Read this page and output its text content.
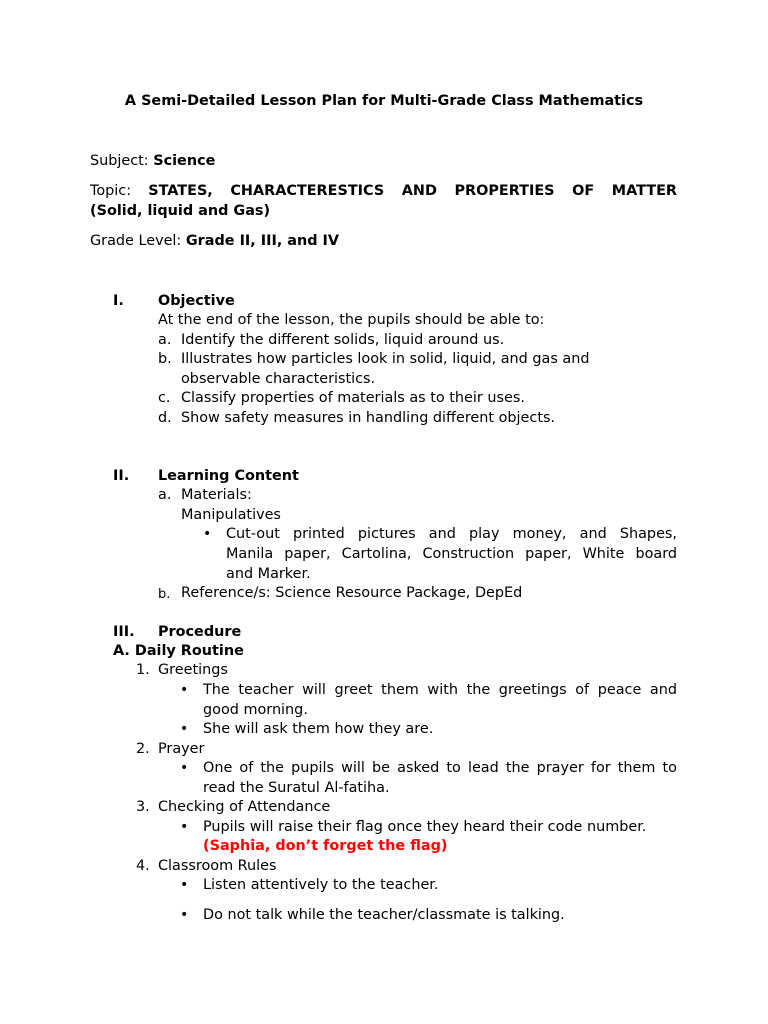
A Semi-Detailed Lesson Plan for Multi-Grade Class Mathematics
Subject: Science
Topic: STATES, CHARACTERESTICS AND PROPERTIES OF MATTER
(Solid, liquid and Gas)
Grade Level: Grade II, III, and IV
I. Objective
At the end of the lesson, the pupils should be able to:
a. Identify the different solids, liquid around us.
b. Illustrates how particles look in solid, liquid, and gas and
observable characteristics.
c. Classify properties of materials as to their uses.
d. Show safety measures in handling different objects.
II. Learning Content
a. Materials:
Manipulatives
• Cut-out printed pictures and play money, and Shapes,
Manila paper, Cartolina, Construction paper, White board
and Marker.
b. Reference/s: Science Resource Package, DepEd
III. Procedure
A. Daily Routine
1. Greetings
• The teacher will greet them with the greetings of peace and
good morning.
• She will ask them how they are.
2. Prayer
• One of the pupils will be asked to lead the prayer for them to
read the Suratul Al-fatiha.
3. Checking of Attendance
• Pupils will raise their flag once they heard their code number.
(Saphia, don’t forget the flag)
4. Classroom Rules
• Listen attentively to the teacher.
• Do not talk while the teacher/classmate is talking.
